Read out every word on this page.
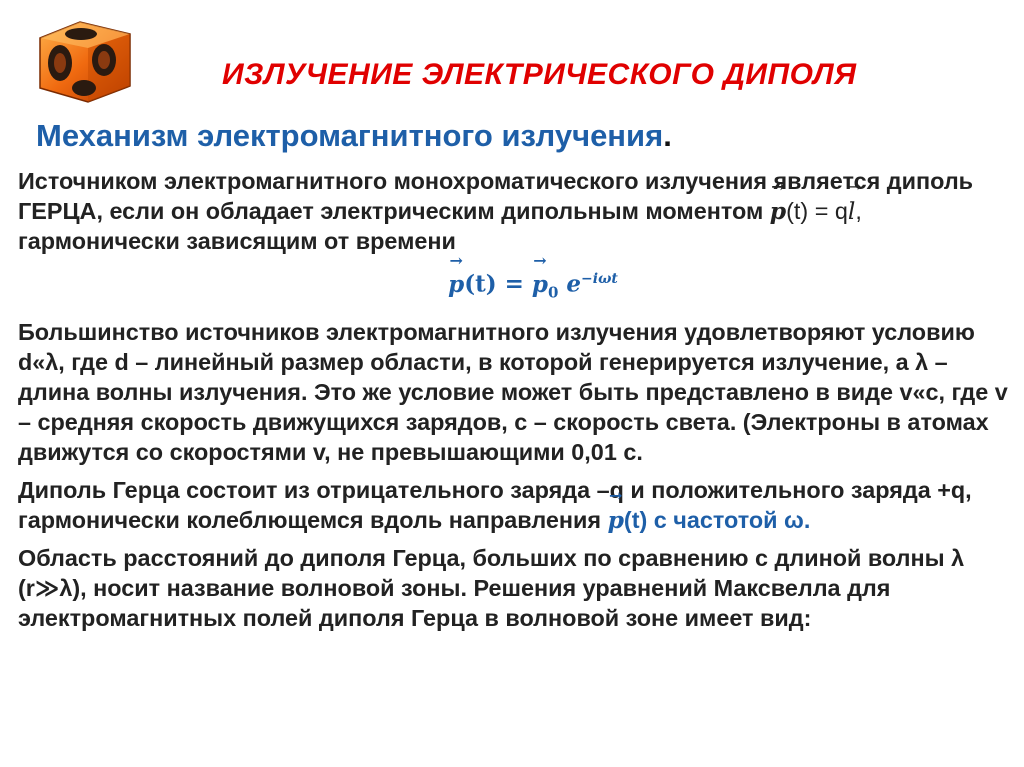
ИЗЛУЧЕНИЕ ЭЛЕКТРИЧЕСКОГО ДИПОЛЯ
Механизм электромагнитного излучения.

Источником электромагнитного монохроматического излучения является диполь ГЕРЦА, если он обладает электрическим дипольным моментом → p(t) = q→ l, гармонически зависящим от времени

→ p(t) = → $p_0$ $e^{-i\omega t}$

Большинство источников электромагнитного излучения удовлетворяют условию d«λ, где d – линейный размер области, в которой генерируется излучение, а λ – длина волны излучения. Это же условие может быть представлено в виде v«c, где v – средняя скорость движущихся зарядов, c – скорость света. (Электроны в атомах движутся со скоростями v, не превышающими 0,01 c.

Диполь Герца состоит из отрицательного заряда –q и положительного заряда +q, гармонически колеблющемся вдоль направления → p(t) с частотой ω.

Область расстояний до диполя Герца, больших по сравнению с длиной волны λ (r≫λ), носит название волновой зоны. Решения уравнений Максвелла для электромагнитных полей диполя Герца в волновой зоне имеет вид:
